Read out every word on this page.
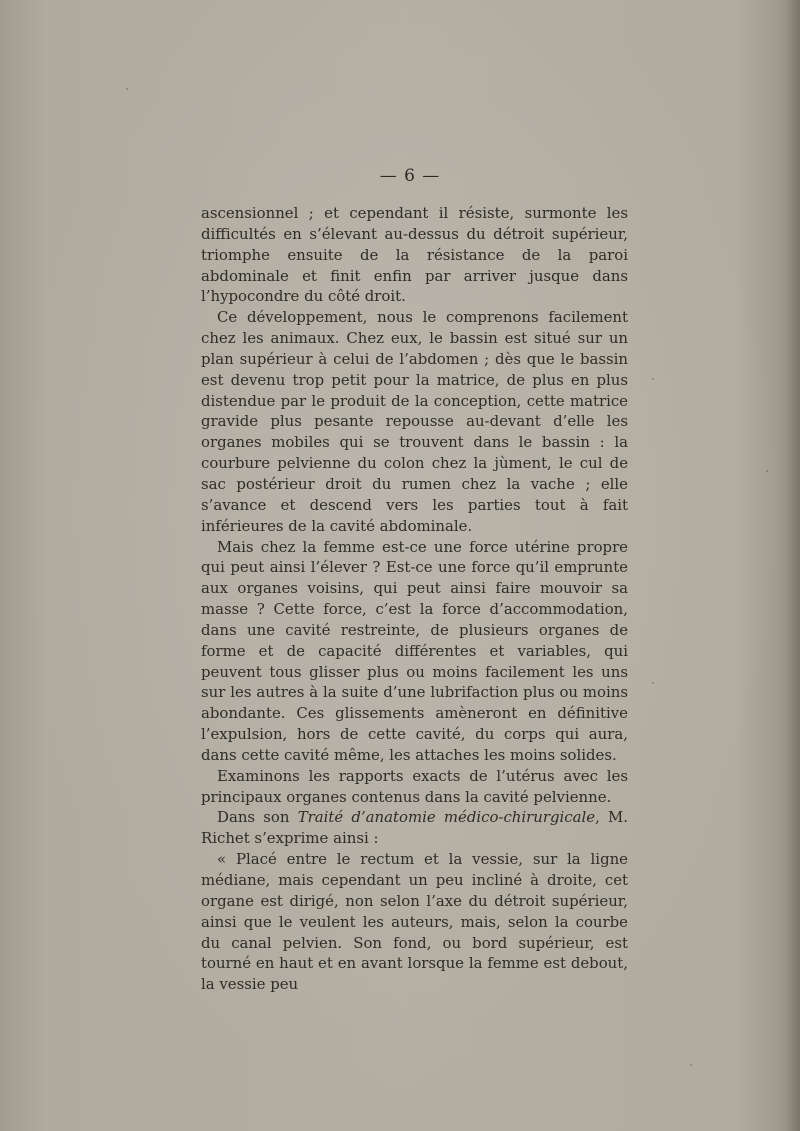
— 6 —

ascensionnel ; et cependant il résiste, surmonte les difficultés en s’élevant au-dessus du détroit supérieur, triomphe ensuite de la résistance de la paroi abdominale et finit enfin par arriver jusque dans l’hypocondre du côté droit.

Ce développement, nous le comprenons facilement chez les animaux. Chez eux, le bassin est situé sur un plan supérieur à celui de l’abdomen ; dès que le bassin est devenu trop petit pour la matrice, de plus en plus distendue par le produit de la conception, cette matrice gravide plus pesante repousse au-devant d’elle les organes mobiles qui se trouvent dans le bassin : la courbure pelvienne du colon chez la jùment, le cul de sac postérieur droit du rumen chez la vache ; elle s’avance et descend vers les parties tout à fait inférieures de la cavité abdominale.

Mais chez la femme est-ce une force utérine propre qui peut ainsi l’élever ? Est-ce une force qu’il emprunte aux organes voisins, qui peut ainsi faire mouvoir sa masse ? Cette force, c’est la force d’accommodation, dans une cavité restreinte, de plusieurs organes de forme et de capacité différentes et variables, qui peuvent tous glisser plus ou moins facilement les uns sur les autres à la suite d’une lubrifaction plus ou moins abondante. Ces glissements amèneront en définitive l’expulsion, hors de cette cavité, du corps qui aura, dans cette cavité même, les attaches les moins solides.

Examinons les rapports exacts de l’utérus avec les principaux organes contenus dans la cavité pelvienne.

Dans son Traité d’anatomie médico-chirurgicale, M. Richet s’exprime ainsi :

« Placé entre le rectum et la vessie, sur la ligne médiane, mais cependant un peu incliné à droite, cet organe est dirigé, non selon l’axe du détroit supérieur, ainsi que le veulent les auteurs, mais, selon la courbe du canal pelvien. Son fond, ou bord supérieur, est tourné en haut et en avant lorsque la femme est debout, la vessie peu
